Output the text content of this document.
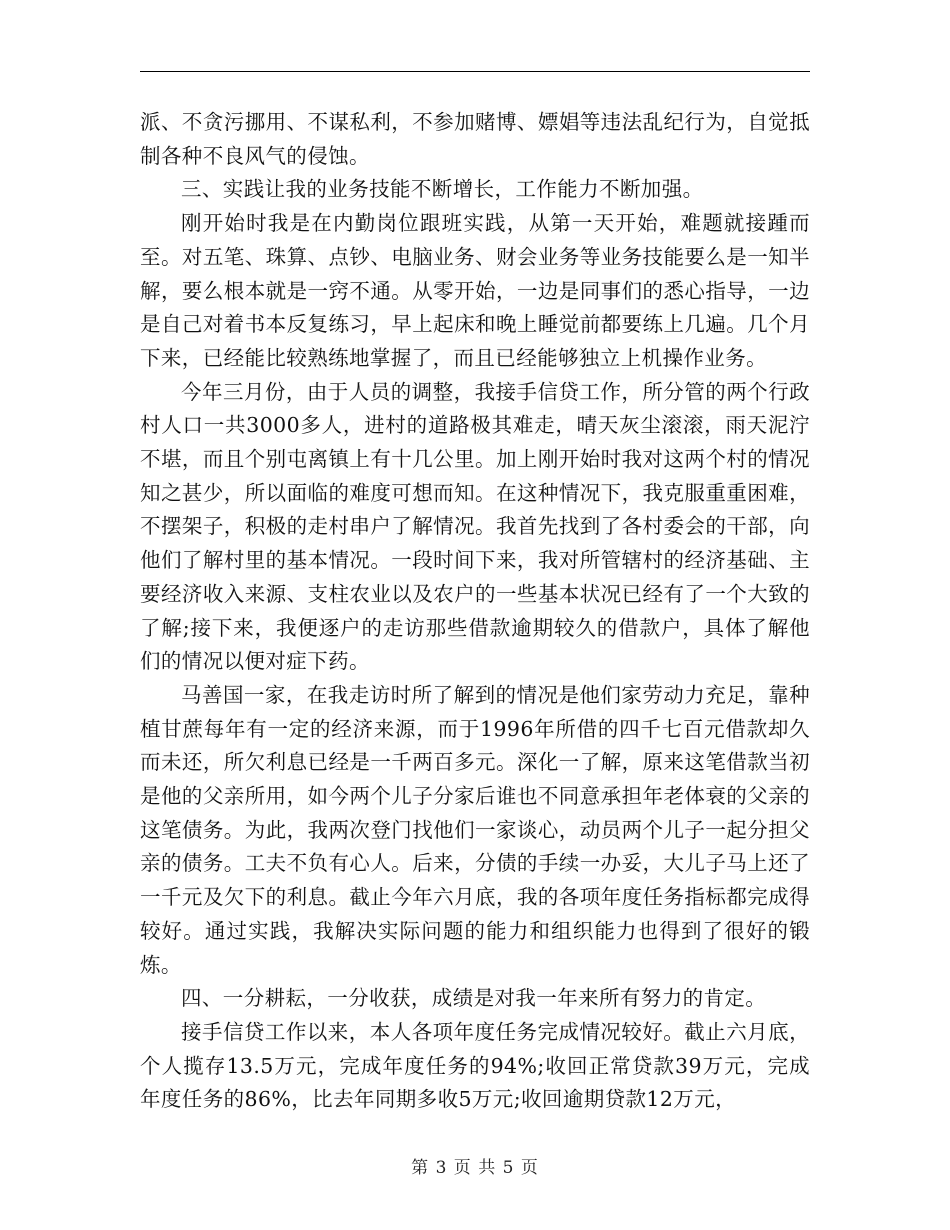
派、不贪污挪用、不谋私利，不参加赌博、嫖娼等违法乱纪行为，自觉抵制各种不良风气的侵蚀。

三、实践让我的业务技能不断增长，工作能力不断加强。

刚开始时我是在内勤岗位跟班实践，从第一天开始，难题就接踵而至。对五笔、珠算、点钞、电脑业务、财会业务等业务技能要么是一知半解，要么根本就是一窍不通。从零开始，一边是同事们的悉心指导，一边是自己对着书本反复练习，早上起床和晚上睡觉前都要练上几遍。几个月下来，已经能比较熟练地掌握了，而且已经能够独立上机操作业务。

今年三月份，由于人员的调整，我接手信贷工作，所分管的两个行政村人口一共3000多人，进村的道路极其难走，晴天灰尘滚滚，雨天泥泞不堪，而且个别屯离镇上有十几公里。加上刚开始时我对这两个村的情况知之甚少，所以面临的难度可想而知。在这种情况下，我克服重重困难，不摆架子，积极的走村串户了解情况。我首先找到了各村委会的干部，向他们了解村里的基本情况。一段时间下来，我对所管辖村的经济基础、主要经济收入来源、支柱农业以及农户的一些基本状况已经有了一个大致的了解;接下来，我便逐户的走访那些借款逾期较久的借款户，具体了解他们的情况以便对症下药。

马善国一家，在我走访时所了解到的情况是他们家劳动力充足，靠种植甘蔗每年有一定的经济来源，而于1996年所借的四千七百元借款却久而未还，所欠利息已经是一千两百多元。深化一了解，原来这笔借款当初是他的父亲所用，如今两个儿子分家后谁也不同意承担年老体衰的父亲的这笔债务。为此，我两次登门找他们一家谈心，动员两个儿子一起分担父亲的债务。工夫不负有心人。后来，分债的手续一办妥，大儿子马上还了一千元及欠下的利息。截止今年六月底，我的各项年度任务指标都完成得较好。通过实践，我解决实际问题的能力和组织能力也得到了很好的锻炼。

四、一分耕耘，一分收获，成绩是对我一年来所有努力的肯定。

接手信贷工作以来，本人各项年度任务完成情况较好。截止六月底，个人揽存13.5万元，完成年度任务的94%;收回正常贷款39万元，完成年度任务的86%，比去年同期多收5万元;收回逾期贷款12万元，

第 3 页 共 5 页
